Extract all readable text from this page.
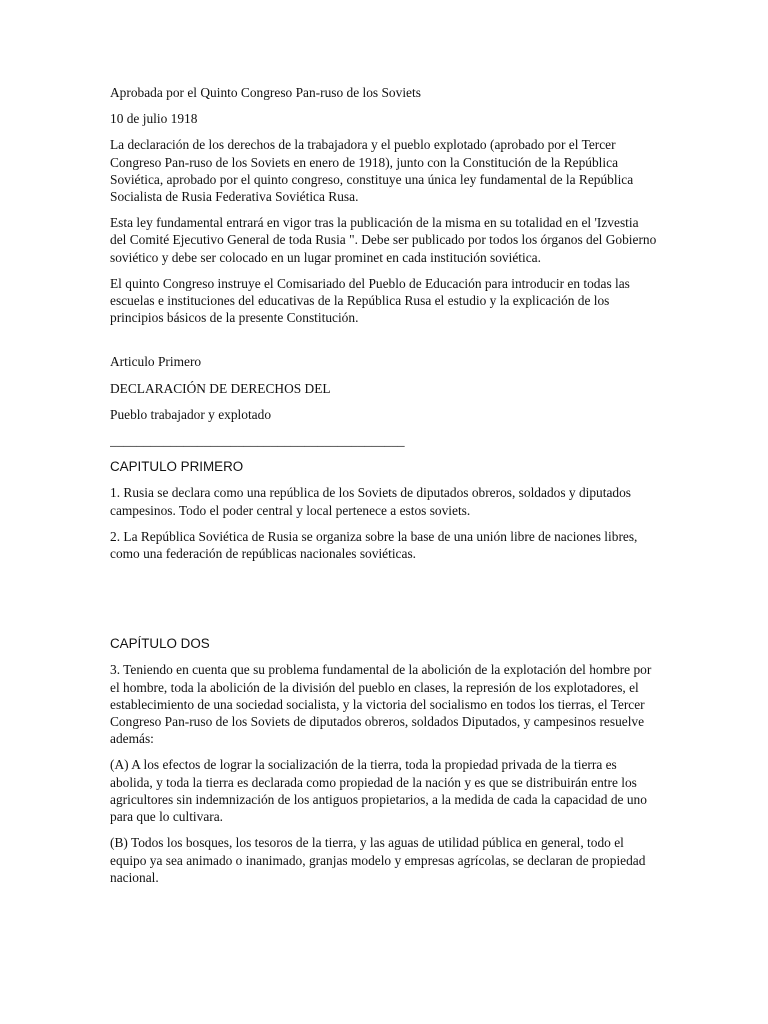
Aprobada por el Quinto Congreso Pan-ruso de los Soviets

10 de julio 1918

La declaración de los derechos de la trabajadora y el pueblo explotado (aprobado por el Tercer Congreso Pan-ruso de los Soviets en enero de 1918), junto con la Constitución de la República Soviética, aprobado por el quinto congreso, constituye una única ley fundamental de la República Socialista de Rusia Federativa Soviética Rusa.

Esta ley fundamental entrará en vigor tras la publicación de la misma en su totalidad en el 'Izvestia del Comité Ejecutivo General de toda Rusia ". Debe ser publicado por todos los órganos del Gobierno soviético y debe ser colocado en un lugar prominet en cada institución soviética.

El quinto Congreso instruye el Comisariado del Pueblo de Educación para introducir en todas las escuelas e instituciones del educativas de la República Rusa el estudio y la explicación de los principios básicos de la presente Constitución.

Articulo Primero

DECLARACIÓN DE DERECHOS DEL

Pueblo trabajador y explotado

____________________________________________

CAPITULO PRIMERO

1. Rusia se declara como una república de los Soviets de diputados obreros, soldados y diputados campesinos. Todo el poder central y local pertenece a estos soviets.

2. La República Soviética de Rusia se organiza sobre la base de una unión libre de naciones libres, como una federación de repúblicas nacionales soviéticas.

CAPÍTULO DOS

3. Teniendo en cuenta que su problema fundamental de la abolición de la explotación del hombre por el hombre, toda la abolición de la división del pueblo en clases, la represión de los explotadores, el establecimiento de una sociedad socialista, y la victoria del socialismo en todos los tierras, el Tercer Congreso Pan-ruso de los Soviets de diputados obreros, soldados Diputados, y campesinos resuelve además:

(A) A los efectos de lograr la socialización de la tierra, toda la propiedad privada de la tierra es abolida, y toda la tierra es declarada como propiedad de la nación y es que se distribuirán entre los agricultores sin indemnización de los antiguos propietarios, a la medida de cada la capacidad de uno para que lo cultivara.

(B) Todos los bosques, los tesoros de la tierra, y las aguas de utilidad pública en general, todo el equipo ya sea animado o inanimado, granjas modelo y empresas agrícolas, se declaran de propiedad nacional.
